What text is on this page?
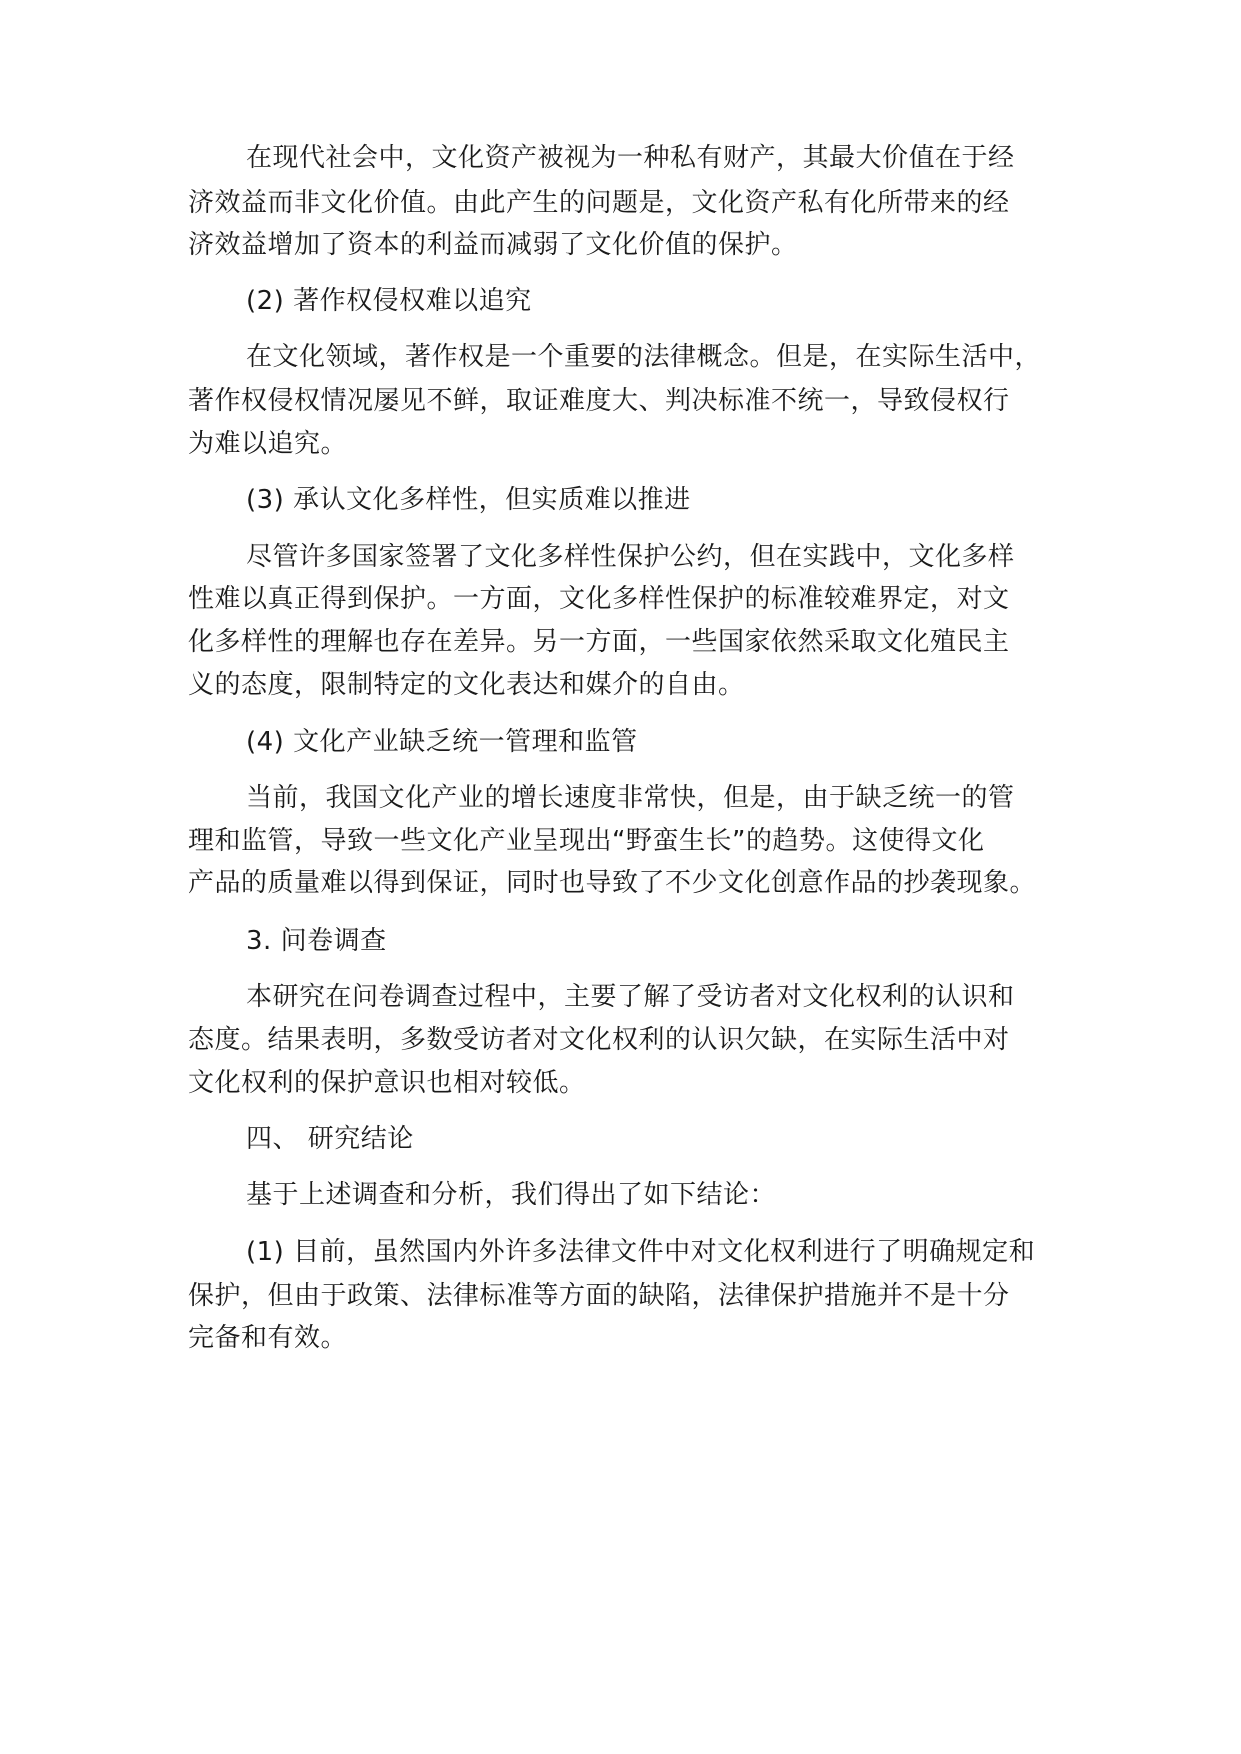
在现代社会中，文化资产被视为一种私有财产，其最大价值在于经
济效益而非文化价值。由此产生的问题是，文化资产私有化所带来的经
济效益增加了资本的利益而减弱了文化价值的保护。
(2) 著作权侵权难以追究
在文化领域，著作权是一个重要的法律概念。但是，在实际生活中，
著作权侵权情况屡见不鲜，取证难度大、判决标准不统一，导致侵权行
为难以追究。
(3) 承认文化多样性，但实质难以推进
尽管许多国家签署了文化多样性保护公约，但在实践中，文化多样
性难以真正得到保护。一方面，文化多样性保护的标准较难界定，对文
化多样性的理解也存在差异。另一方面，一些国家依然采取文化殖民主
义的态度，限制特定的文化表达和媒介的自由。
(4) 文化产业缺乏统一管理和监管
当前，我国文化产业的增长速度非常快，但是，由于缺乏统一的管
理和监管，导致一些文化产业呈现出“野蛮生长”的趋势。这使得文化
产品的质量难以得到保证，同时也导致了不少文化创意作品的抄袭现象。
3. 问卷调查
本研究在问卷调查过程中，主要了解了受访者对文化权利的认识和
态度。结果表明，多数受访者对文化权利的认识欠缺，在实际生活中对
文化权利的保护意识也相对较低。
四、 研究结论
基于上述调查和分析，我们得出了如下结论：
(1) 目前，虽然国内外许多法律文件中对文化权利进行了明确规定和
保护，但由于政策、法律标准等方面的缺陷，法律保护措施并不是十分
完备和有效。
